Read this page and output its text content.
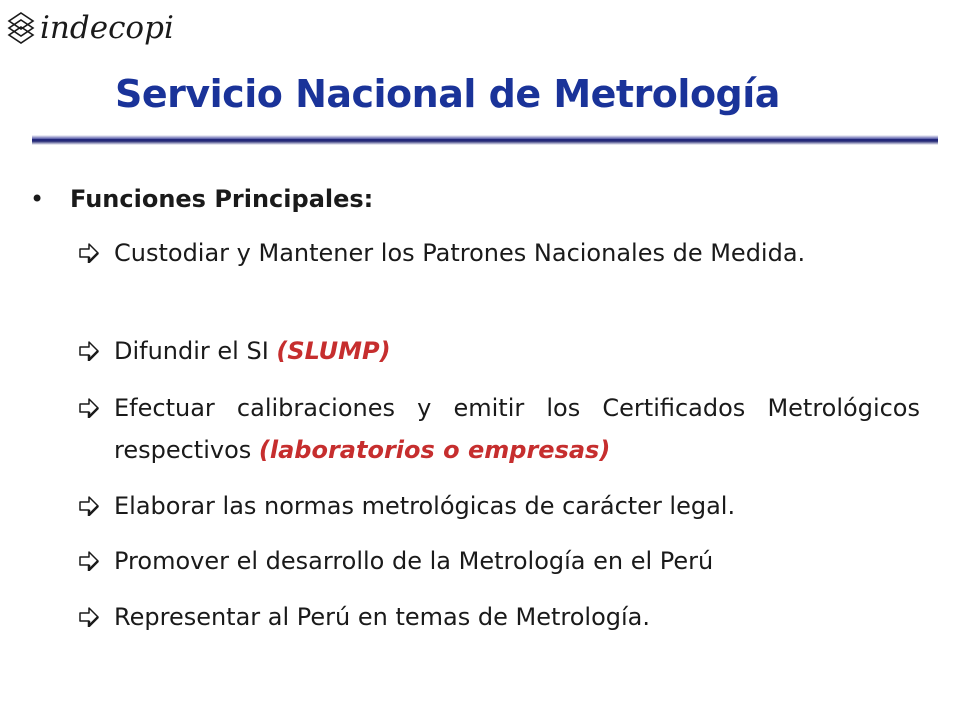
indecopi
Servicio Nacional de Metrología
•	Funciones Principales:
Custodiar y Mantener los Patrones Nacionales de Medida.
Difundir el SI (SLUMP)
Efectuar calibraciones y emitir los Certificados Metrológicos respectivos (laboratorios o empresas)
Elaborar las normas metrológicas de carácter legal.
Promover el desarrollo de la Metrología en el Perú
Representar al Perú en temas de Metrología.
